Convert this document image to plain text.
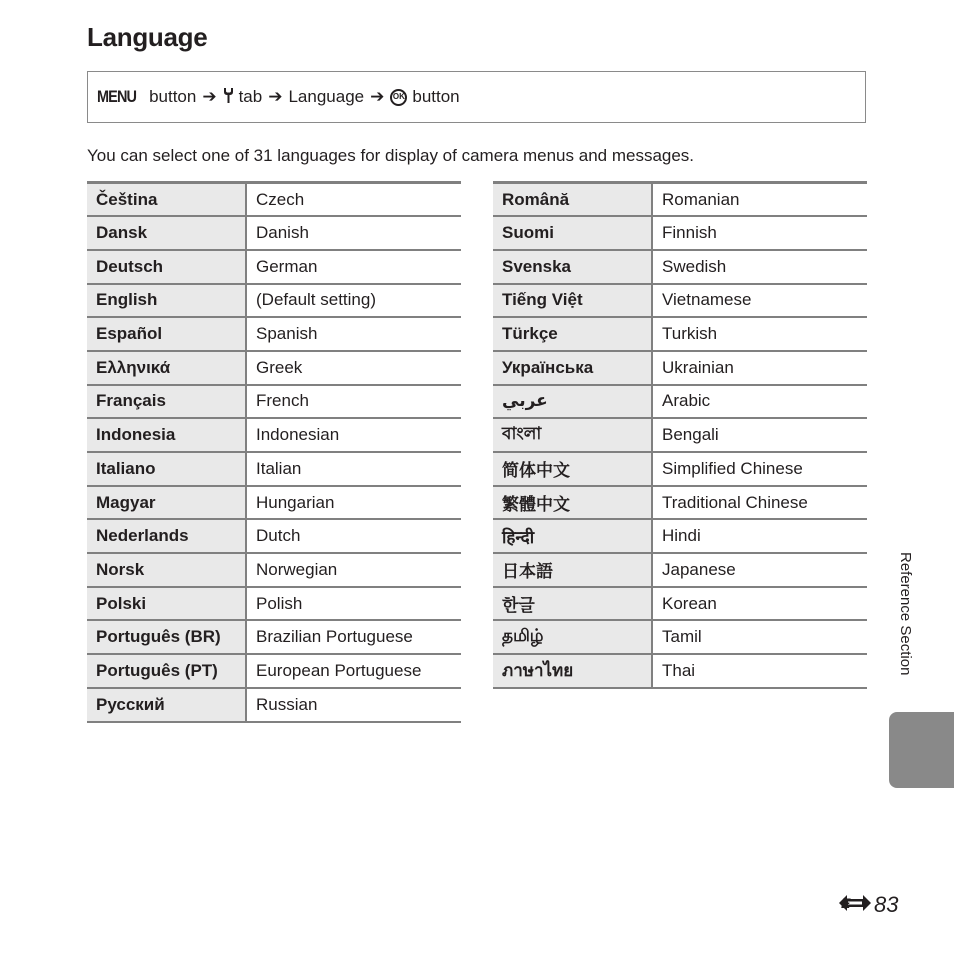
Language
MENU button ➔ tab ➔ Language ➔	OK button
You can select one of 31 languages for display of camera menus and messages.
Čeština	Czech
Dansk	Danish
Deutsch	German
English	(Default setting)
Español	Spanish
Ελληνικά	Greek
Français	French
Indonesia	Indonesian
Italiano	Italian
Magyar	Hungarian
Nederlands	Dutch
Norsk	Norwegian
Polski	Polish
Português (BR)	Brazilian Portuguese
Português (PT)	European Portuguese
Русский	Russian
Română	Romanian
Suomi	Finnish
Svenska	Swedish
Tiếng Việt	Vietnamese
Türkçe	Turkish
Українська	Ukrainian
عربي	Arabic
বাংলা	Bengali
简体中文	Simplified Chinese
繁體中文	Traditional Chinese
हिन्दी	Hindi
日本語	Japanese
한글	Korean
தமிழ்	Tamil
ภาษาไทย	Thai	Reference Section
E 83
